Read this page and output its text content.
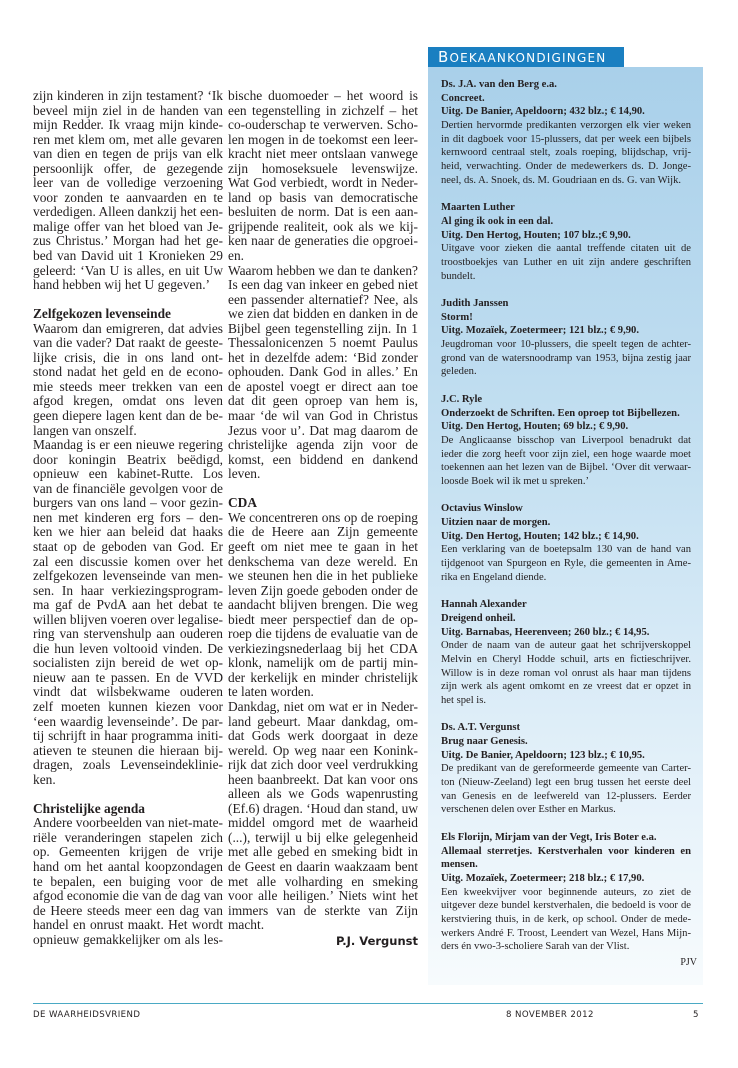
zijn kinderen in zijn testament? ‘Ik
beveel mijn ziel in de handen van
mijn Redder. Ik vraag mijn kinde-
ren met klem om, met alle gevaren
van dien en tegen de prijs van elk
persoonlijk offer, de gezegende
leer van de volledige verzoening
voor zonden te aanvaarden en te
verdedigen. Alleen dankzij het een-
malige offer van het bloed van Je-
zus Christus.’ Morgan had het ge-
bed van David uit 1 Kronieken 29
geleerd: ‘Van U is alles, en uit Uw
hand hebben wij het U gegeven.’
Zelfgekozen levenseinde
Waarom dan emigreren, dat advies
van die vader? Dat raakt de geeste-
lijke crisis, die in ons land ont-
stond nadat het geld en de econo-
mie steeds meer trekken van een
afgod kregen, omdat ons leven
geen diepere lagen kent dan de be-
langen van onszelf.
Maandag is er een nieuwe regering
door koningin Beatrix beëdigd,
opnieuw een kabinet-Rutte. Los
van de financiële gevolgen voor de
burgers van ons land – voor gezin-
nen met kinderen erg fors – den-
ken we hier aan beleid dat haaks
staat op de geboden van God. Er
zal een discussie komen over het
zelfgekozen levenseinde van men-
sen. In haar verkiezingsprogram-
ma gaf de PvdA aan het debat te
willen blijven voeren over legalise-
ring van stervenshulp aan ouderen
die hun leven voltooid vinden. De
socialisten zijn bereid de wet op-
nieuw aan te passen. En de VVD
vindt dat wilsbekwame ouderen
zelf moeten kunnen kiezen voor
‘een waardig levenseinde’. De par-
tij schrijft in haar programma initi-
atieven te steunen die hieraan bij-
dragen, zoals Levenseindeklinie-
ken.
Christelijke agenda
Andere voorbeelden van niet-mate-
riële veranderingen stapelen zich
op. Gemeenten krijgen de vrije
hand om het aantal koopzondagen
te bepalen, een buiging voor de
afgod economie die van de dag van
de Heere steeds meer een dag van
handel en onrust maakt. Het wordt
opnieuw gemakkelijker om als les-
bische duomoeder – het woord is
een tegenstelling in zichzelf – het
co-ouderschap te verwerven. Scho-
len mogen in de toekomst een leer-
kracht niet meer ontslaan vanwege
zijn homoseksuele levenswijze.
Wat God verbiedt, wordt in Neder-
land op basis van democratische
besluiten de norm. Dat is een aan-
grijpende realiteit, ook als we kij-
ken naar de generaties die opgroei-
en.
Waarom hebben we dan te danken?
Is een dag van inkeer en gebed niet
een passender alternatief? Nee, als
we zien dat bidden en danken in de
Bijbel geen tegenstelling zijn. In 1
Thessalonicenzen 5 noemt Paulus
het in dezelfde adem: ‘Bid zonder
ophouden. Dank God in alles.’ En
de apostel voegt er direct aan toe
dat dit geen oproep van hem is,
maar ‘de wil van God in Christus
Jezus voor u’. Dat mag daarom de
christelijke agenda zijn voor de
komst, een biddend en dankend
leven.
CDA
We concentreren ons op de roeping
die de Heere aan Zijn gemeente
geeft om niet mee te gaan in het
denkschema van deze wereld. En
we steunen hen die in het publieke
leven Zijn goede geboden onder de
aandacht blijven brengen. Die weg
biedt meer perspectief dan de op-
roep die tijdens de evaluatie van de
verkiezingsnederlaag bij het CDA
klonk, namelijk om de partij min-
der kerkelijk en minder christelijk
te laten worden.
Dankdag, niet om wat er in Neder-
land gebeurt. Maar dankdag, om-
dat Gods werk doorgaat in deze
wereld. Op weg naar een Konink-
rijk dat zich door veel verdrukking
heen baanbreekt. Dat kan voor ons
alleen als we Gods wapenrusting
(Ef.6) dragen. ‘Houd dan stand, uw
middel omgord met de waarheid
(...), terwijl u bij elke gelegenheid
met alle gebed en smeking bidt in
de Geest en daarin waakzaam bent
met alle volharding en smeking
voor alle heiligen.’ Niets wint het
immers van de sterkte van Zijn
macht.
P.J. Vergunst
BOEKAANKONDIGINGEN
Ds. J.A. van den Berg e.a.
Concreet.
Uitg. De Banier, Apeldoorn; 432 blz.; € 14,90.
Dertien hervormde predikanten verzorgen elk vier weken
in dit dagboek voor 15-plussers, dat per week een bijbels
kernwoord centraal stelt, zoals roeping, blijdschap, vrij-
heid, verwachting. Onder de medewerkers ds. D. Jonge-
neel, ds. A. Snoek, ds. M. Goudriaan en ds. G. van Wijk.
Maarten Luther
Al ging ik ook in een dal.
Uitg. Den Hertog, Houten; 107 blz.;€ 9,90.
Uitgave voor zieken die aantal treffende citaten uit de
troostboekjes van Luther en uit zijn andere geschriften
bundelt.
Judith Janssen
Storm!
Uitg. Mozaïek, Zoetermeer; 121 blz.; € 9,90.
Jeugdroman voor 10-plussers, die speelt tegen de achter-
grond van de watersnoodramp van 1953, bijna zestig jaar
geleden.
J.C. Ryle
Onderzoekt de Schriften. Een oproep tot Bijbellezen.
Uitg. Den Hertog, Houten; 69 blz.; € 9,90.
De Anglicaanse bisschop van Liverpool benadrukt dat
ieder die zorg heeft voor zijn ziel, een hoge waarde moet
toekennen aan het lezen van de Bijbel. ‘Over dit verwaar-
loosde Boek wil ik met u spreken.’
Octavius Winslow
Uitzien naar de morgen.
Uitg. Den Hertog, Houten; 142 blz.; € 14,90.
Een verklaring van de boetepsalm 130 van de hand van
tijdgenoot van Spurgeon en Ryle, die gemeenten in Ame-
rika en Engeland diende.
Hannah Alexander
Dreigend onheil.
Uitg. Barnabas, Heerenveen; 260 blz.; € 14,95.
Onder de naam van de auteur gaat het schrijverskoppel
Melvin en Cheryl Hodde schuil, arts en fictieschrijver.
Willow is in deze roman vol onrust als haar man tijdens
zijn werk als agent omkomt en ze vreest dat er opzet in
het spel is.
Ds. A.T. Vergunst
Brug naar Genesis.
Uitg. De Banier, Apeldoorn; 123 blz.; € 10,95.
De predikant van de gereformeerde gemeente van Carter-
ton (Nieuw-Zeeland) legt een brug tussen het eerste deel
van Genesis en de leefwereld van 12-plussers. Eerder
verschenen delen over Esther en Markus.
Els Florijn, Mirjam van der Vegt, Iris Boter e.a.
Allemaal sterretjes. Kerstverhalen voor kinderen en
mensen.
Uitg. Mozaïek, Zoetermeer; 218 blz.; € 17,90.
Een kweekvijver voor beginnende auteurs, zo ziet de
uitgever deze bundel kerstverhalen, die bedoeld is voor de
kerstviering thuis, in de kerk, op school. Onder de mede-
werkers André F. Troost, Leendert van Wezel, Hans Mijn-
ders én vwo-3-scholiere Sarah van der Vlist.
PJV
DE WAARHEIDSVRIEND	8 NOVEMBER 2012	5
